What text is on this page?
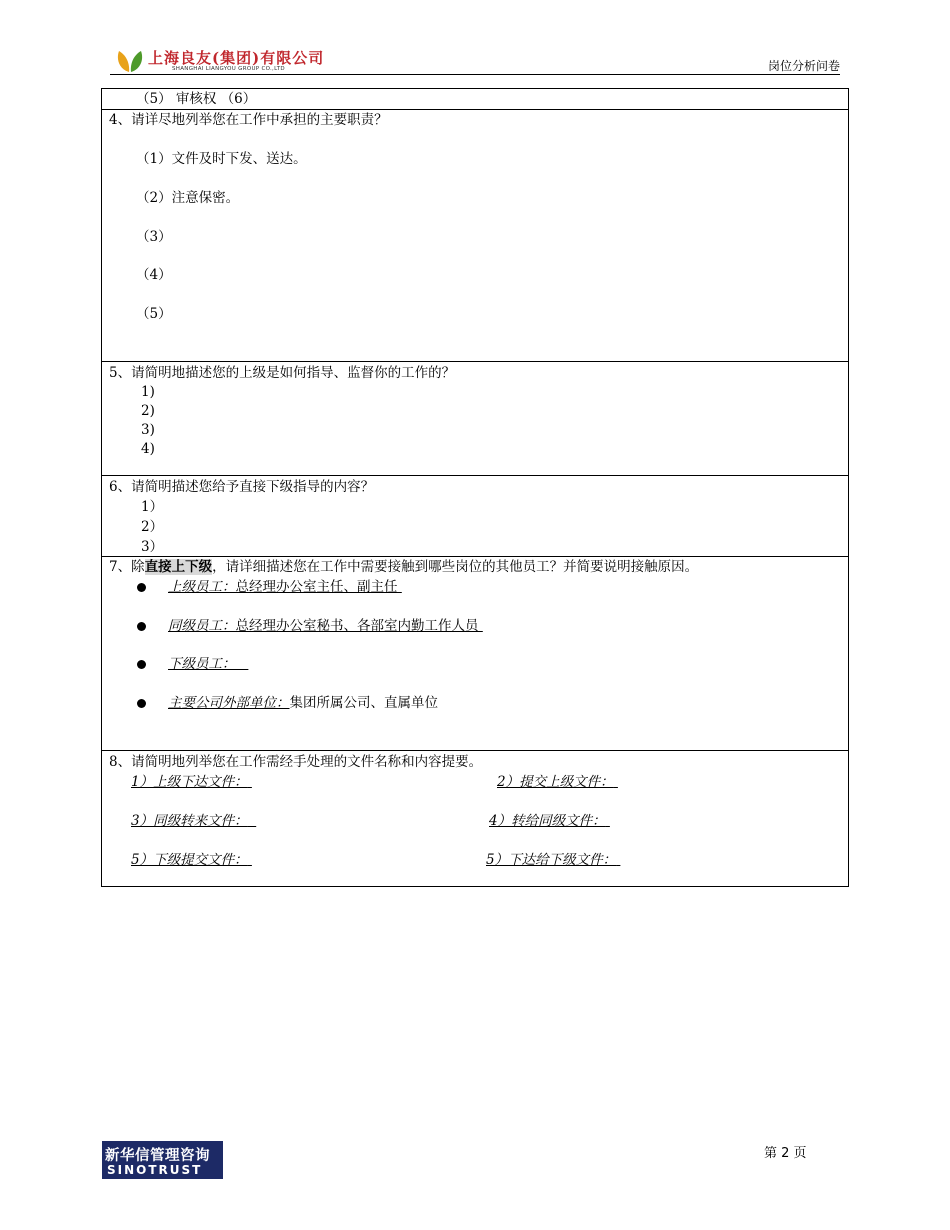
上海良友(集团)有限公司
SHANGHAI LIANGYOU GROUP CO.,LTD	岗位分析问卷
（5） 审核权 （6）
4、请详尽地列举您在工作中承担的主要职责？
（1）文件及时下发、送达。
（2）注意保密。
（3）
（4）
（5）
5、请简明地描述您的上级是如何指导、监督你的工作的？
1)
2)
3)
4)
6、请简明描述您给予直接下级指导的内容？
1）
2）
3）
7、除直接上下级，请详细描述您在工作中需要接触到哪些岗位的其他员工？并简要说明接触原因。
上级员工：总经理办公室主任、副主任
同级员工：总经理办公室秘书、各部室内勤工作人员
下级员工：
主要公司外部单位：集团所属公司、直属单位
8、请简明地列举您在工作需经手处理的文件名称和内容提要。
1）上级下达文件：
3）同级转来文件：
5）下级提交文件：
2）提交上级文件：
4）转给同级文件：
5）下达给下级文件：
新华信管理咨询
SINOTRUST
第 2 页
